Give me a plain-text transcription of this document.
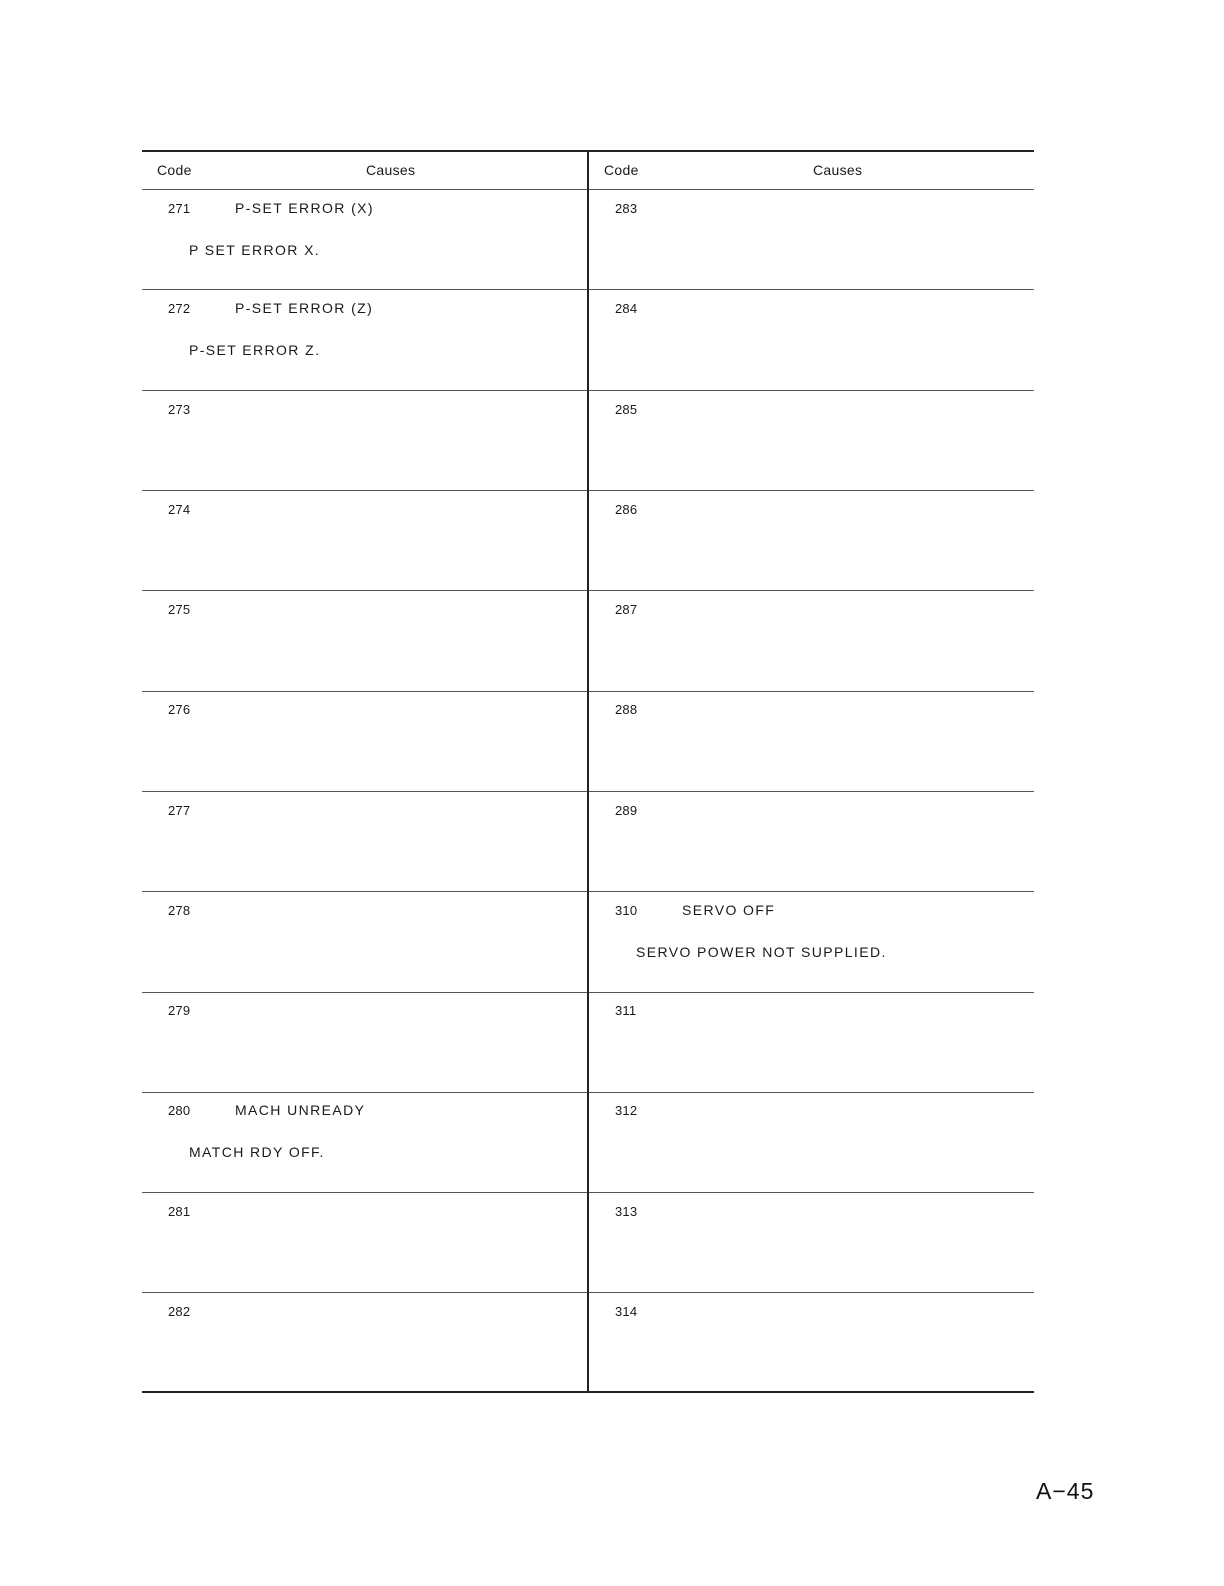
Code	Causes
271	P-SET ERROR (X)
P SET ERROR X.
272	P-SET ERROR (Z)
P-SET ERROR Z.
273
274
275
276
277
278
279
280	MACH UNREADY
MATCH RDY OFF.
281
282
Code	Causes
283
284
285
286
287
288
289
310	SERVO OFF
SERVO POWER NOT SUPPLIED.
311
312
313
314
A−45
